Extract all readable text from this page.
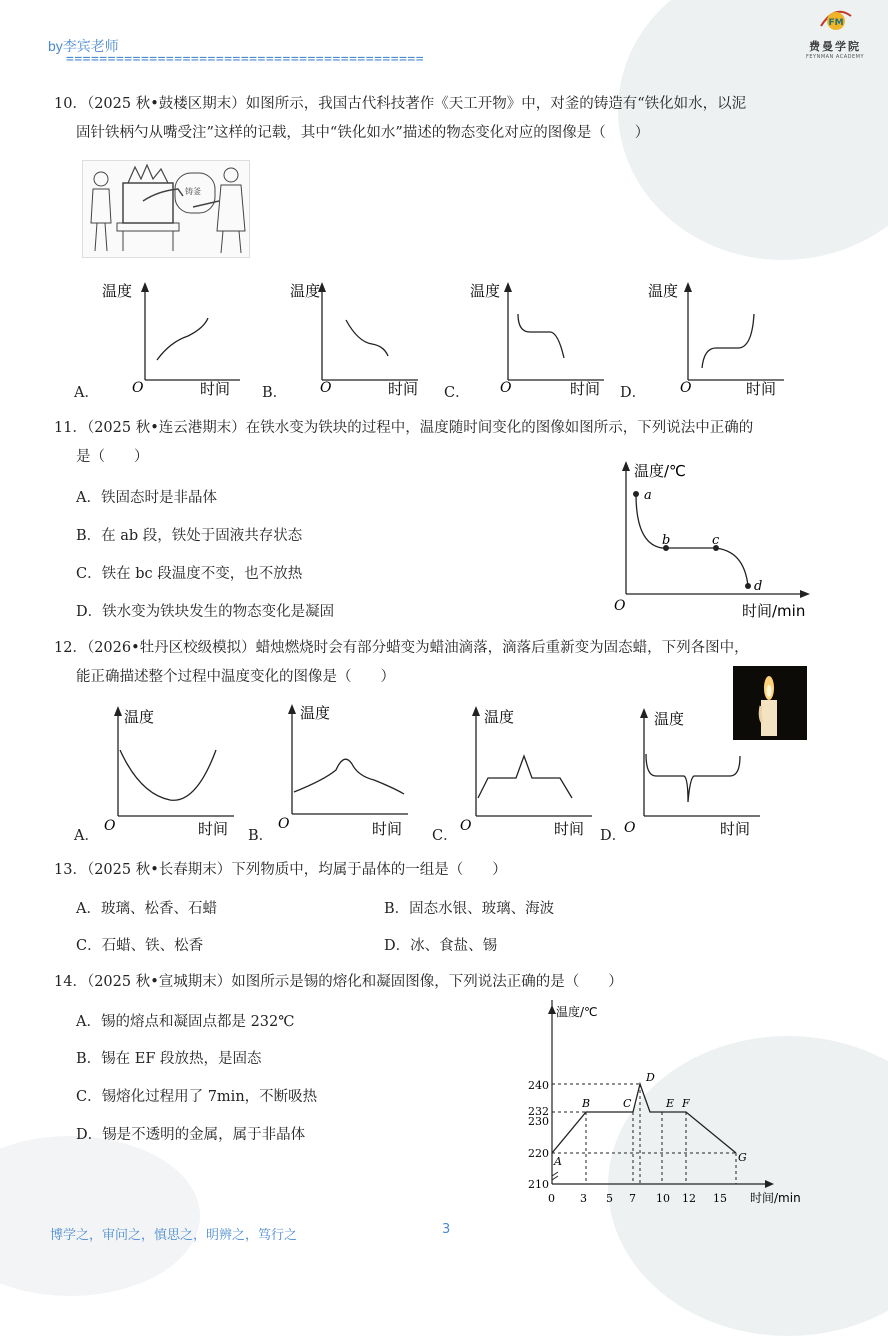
by李宾老师
===========================================
FM
费曼学院
FEYNMAN ACADEMY
10．（2025 秋•鼓楼区期末）如图所示，我国古代科技著作《天工开物》中，对釜的铸造有“铁化如水，以泥
固针铁柄勺从嘴受注”这样的记载，其中“铁化如水”描述的物态变化对应的图像是（　　）
铸釜
A．
温度
O	时间 B．
温度
O	时间 C．
温度
O	时间 D．
温度
O	时间
11．（2025 秋•连云港期末）在铁水变为铁块的过程中，温度随时间变化的图像如图所示，下列说法中正确的
是（　　）
A．铁固态时是非晶体
B．在 ab 段，铁处于固液共存状态
C．铁在 bc 段温度不变，也不放热
D．铁水变为铁块发生的物态变化是凝固
温度/℃
O	时间/min
a
b	c
d
12．（2026•牡丹区校级模拟）蜡烛燃烧时会有部分蜡变为蜡油滴落，滴落后重新变为固态蜡，下列各图中，
能正确描述整个过程中温度变化的图像是（　　）
A．
温度
O	时间 B．
温度
O	时间 C．
温度
O	时间 D．
温度
O	时间
13．（2025 秋•长春期末）下列物质中，均属于晶体的一组是（　　）
A．玻璃、松香、石蜡	B．固态水银、玻璃、海波
C．石蜡、铁、松香	D．冰、食盐、锡
14．（2025 秋•宣城期末）如图所示是锡的熔化和凝固图像，下列说法正确的是（　　）
A．锡的熔点和凝固点都是 232℃
B．锡在 EF 段放热，是固态
C．锡熔化过程用了 7min，不断吸热
D．锡是不透明的金属，属于非晶体
温度/℃
时间/min
240
232
230
220
210
0 3 5 7 10 12 15
A
B	C
D
E F
G
博学之，审问之，慎思之，明辨之，笃行之	3
